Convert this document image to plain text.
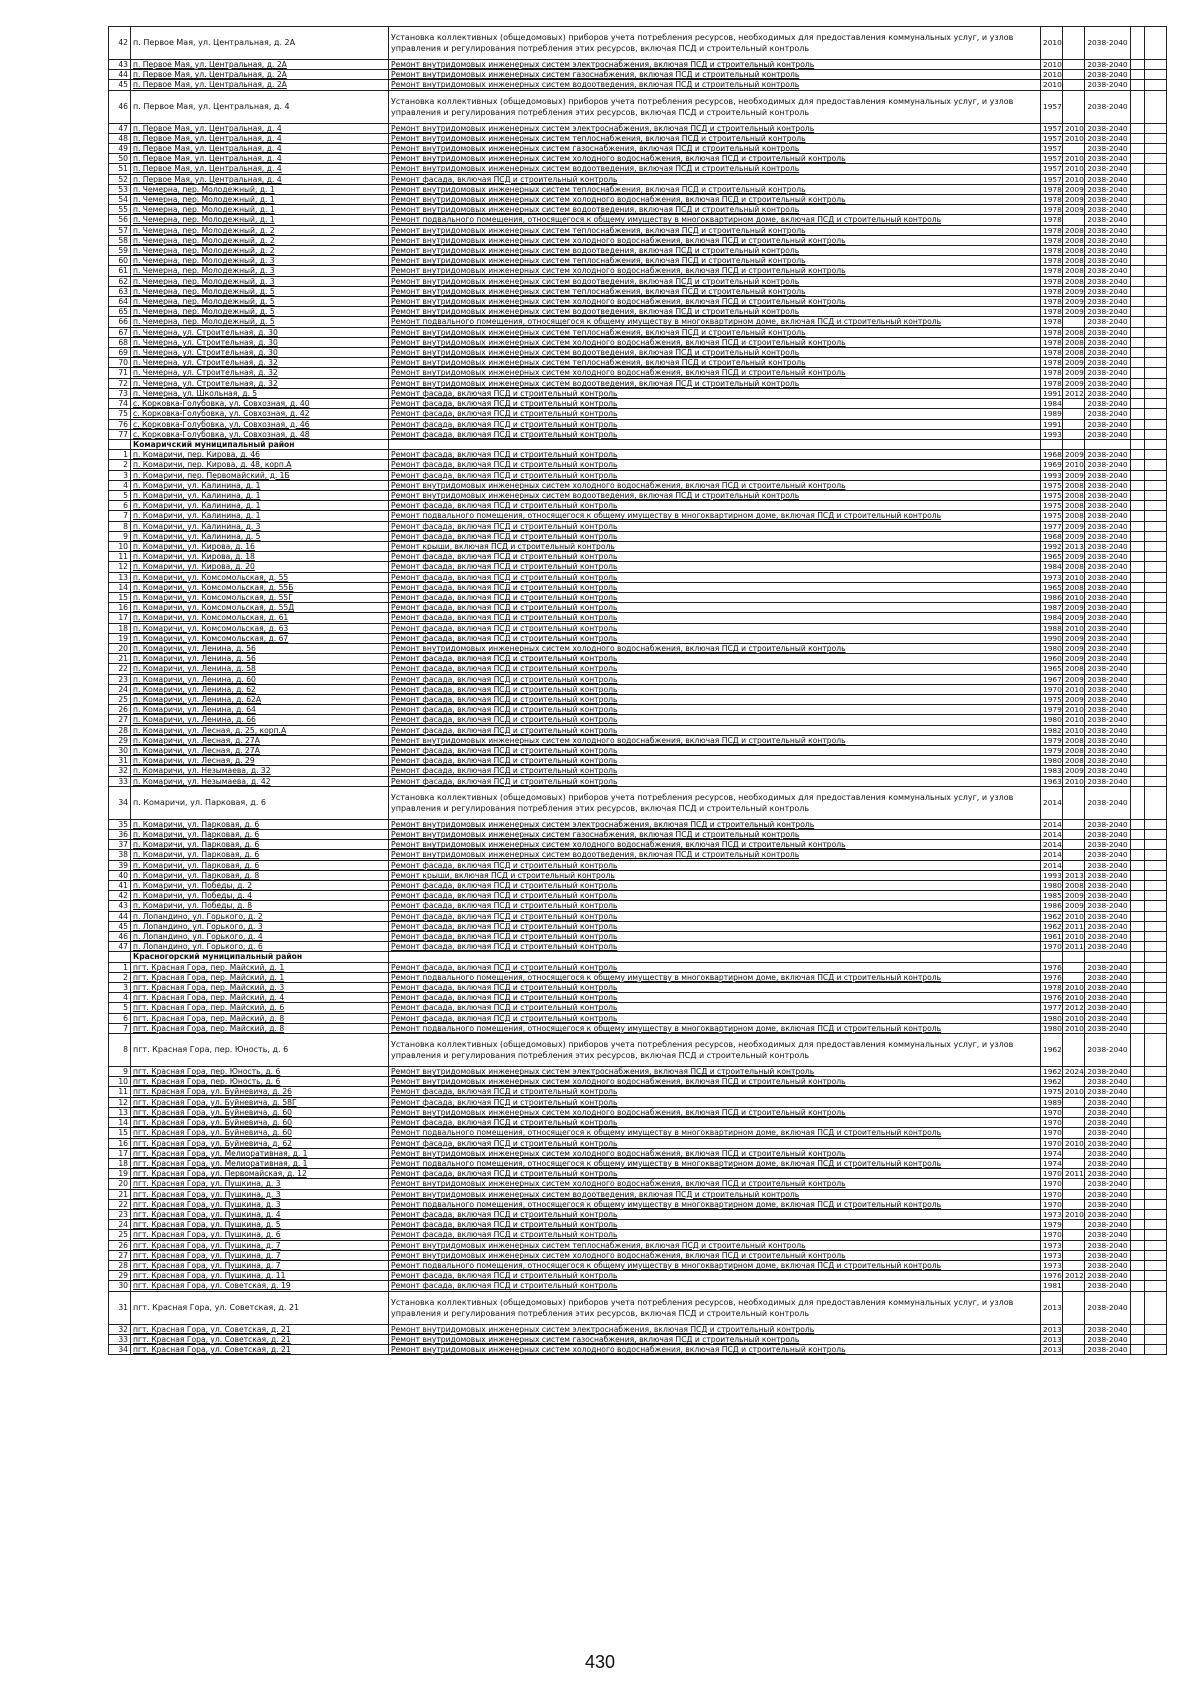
42	п. Первое Мая, ул. Центральная, д. 2А	Установка коллективных (общедомовых) приборов учета потребления ресурсов, необходимых для предоставления коммунальных услуг, и узлов управления и регулирования потребления этих ресурсов, включая ПСД и строительный контроль	2010		2038-2040		
43	п. Первое Мая, ул. Центральная, д. 2А	Ремонт внутридомовых инженерных систем электроснабжения, включая ПСД и строительный контроль	2010		2038-2040		
44	п. Первое Мая, ул. Центральная, д. 2А	Ремонт внутридомовых инженерных систем газоснабжения, включая ПСД и строительный контроль	2010		2038-2040		
45	п. Первое Мая, ул. Центральная, д. 2А	Ремонт внутридомовых инженерных систем водоотведения, включая ПСД и строительный контроль	2010		2038-2040		
46	п. Первое Мая, ул. Центральная, д. 4	Установка коллективных (общедомовых) приборов учета потребления ресурсов, необходимых для предоставления коммунальных услуг, и узлов управления и регулирования потребления этих ресурсов, включая ПСД и строительный контроль	1957		2038-2040		
47	п. Первое Мая, ул. Центральная, д. 4	Ремонт внутридомовых инженерных систем электроснабжения, включая ПСД и строительный контроль	1957	2010	2038-2040		
48	п. Первое Мая, ул. Центральная, д. 4	Ремонт внутридомовых инженерных систем теплоснабжения, включая ПСД и строительный контроль	1957	2010	2038-2040		
49	п. Первое Мая, ул. Центральная, д. 4	Ремонт внутридомовых инженерных систем газоснабжения, включая ПСД и строительный контроль	1957		2038-2040		
50	п. Первое Мая, ул. Центральная, д. 4	Ремонт внутридомовых инженерных систем холодного водоснабжения, включая ПСД и строительный контроль	1957	2010	2038-2040		
51	п. Первое Мая, ул. Центральная, д. 4	Ремонт внутридомовых инженерных систем водоотведения, включая ПСД и строительный контроль	1957	2010	2038-2040		
52	п. Первое Мая, ул. Центральная, д. 4	Ремонт фасада, включая ПСД и строительный контроль	1957	2010	2038-2040		
53	п. Чемерна, пер. Молодежный, д. 1	Ремонт внутридомовых инженерных систем теплоснабжения, включая ПСД и строительный контроль	1978	2009	2038-2040		
54	п. Чемерна, пер. Молодежный, д. 1	Ремонт внутридомовых инженерных систем холодного водоснабжения, включая ПСД и строительный контроль	1978	2009	2038-2040		
55	п. Чемерна, пер. Молодежный, д. 1	Ремонт внутридомовых инженерных систем водоотведения, включая ПСД и строительный контроль	1978	2009	2038-2040		
56	п. Чемерна, пер. Молодежный, д. 1	Ремонт подвального помещения, относящегося к общему имуществу в многоквартирном доме, включая ПСД и строительный контроль	1978		2038-2040		
57	п. Чемерна, пер. Молодежный, д. 2	Ремонт внутридомовых инженерных систем теплоснабжения, включая ПСД и строительный контроль	1978	2008	2038-2040		
58	п. Чемерна, пер. Молодежный, д. 2	Ремонт внутридомовых инженерных систем холодного водоснабжения, включая ПСД и строительный контроль	1978	2008	2038-2040		
59	п. Чемерна, пер. Молодежный, д. 2	Ремонт внутридомовых инженерных систем водоотведения, включая ПСД и строительный контроль	1978	2008	2038-2040		
60	п. Чемерна, пер. Молодежный, д. 3	Ремонт внутридомовых инженерных систем теплоснабжения, включая ПСД и строительный контроль	1978	2008	2038-2040		
61	п. Чемерна, пер. Молодежный, д. 3	Ремонт внутридомовых инженерных систем холодного водоснабжения, включая ПСД и строительный контроль	1978	2008	2038-2040		
62	п. Чемерна, пер. Молодежный, д. 3	Ремонт внутридомовых инженерных систем водоотведения, включая ПСД и строительный контроль	1978	2008	2038-2040		
63	п. Чемерна, пер. Молодежный, д. 5	Ремонт внутридомовых инженерных систем теплоснабжения, включая ПСД и строительный контроль	1978	2009	2038-2040		
64	п. Чемерна, пер. Молодежный, д. 5	Ремонт внутридомовых инженерных систем холодного водоснабжения, включая ПСД и строительный контроль	1978	2009	2038-2040		
65	п. Чемерна, пер. Молодежный, д. 5	Ремонт внутридомовых инженерных систем водоотведения, включая ПСД и строительный контроль	1978	2009	2038-2040		
66	п. Чемерна, пер. Молодежный, д. 5	Ремонт подвального помещения, относящегося к общему имуществу в многоквартирном доме, включая ПСД и строительный контроль	1978		2038-2040		
67	п. Чемерна, ул. Строительная, д. 30	Ремонт внутридомовых инженерных систем теплоснабжения, включая ПСД и строительный контроль	1978	2008	2038-2040		
68	п. Чемерна, ул. Строительная, д. 30	Ремонт внутридомовых инженерных систем холодного водоснабжения, включая ПСД и строительный контроль	1978	2008	2038-2040		
69	п. Чемерна, ул. Строительная, д. 30	Ремонт внутридомовых инженерных систем водоотведения, включая ПСД и строительный контроль	1978	2008	2038-2040		
70	п. Чемерна, ул. Строительная, д. 32	Ремонт внутридомовых инженерных систем теплоснабжения, включая ПСД и строительный контроль	1978	2009	2038-2040		
71	п. Чемерна, ул. Строительная, д. 32	Ремонт внутридомовых инженерных систем холодного водоснабжения, включая ПСД и строительный контроль	1978	2009	2038-2040		
72	п. Чемерна, ул. Строительная, д. 32	Ремонт внутридомовых инженерных систем водоотведения, включая ПСД и строительный контроль	1978	2009	2038-2040		
73	п. Чемерна, ул. Школьная, д. 5	Ремонт фасада, включая ПСД и строительный контроль	1991	2012	2038-2040		
74	с. Корковка-Голубовка, ул. Совхозная, д. 40	Ремонт фасада, включая ПСД и строительный контроль	1984		2038-2040		
75	с. Корковка-Голубовка, ул. Совхозная, д. 42	Ремонт фасада, включая ПСД и строительный контроль	1989		2038-2040		
76	с. Корковка-Голубовка, ул. Совхозная, д. 46	Ремонт фасада, включая ПСД и строительный контроль	1991		2038-2040		
77	с. Корковка-Голубовка, ул. Совхозная, д. 48	Ремонт фасада, включая ПСД и строительный контроль	1993		2038-2040		
	Комаричский муниципальный район						
1	п. Комаричи, пер. Кирова, д. 46	Ремонт фасада, включая ПСД и строительный контроль	1968	2009	2038-2040		
2	п. Комаричи, пер. Кирова, д. 48, корп.А	Ремонт фасада, включая ПСД и строительный контроль	1969	2010	2038-2040		
3	п. Комаричи, пер. Первомайский, д. 1Б	Ремонт фасада, включая ПСД и строительный контроль	1993	2009	2038-2040		
4	п. Комаричи, ул. Калинина, д. 1	Ремонт внутридомовых инженерных систем холодного водоснабжения, включая ПСД и строительный контроль	1975	2008	2038-2040		
5	п. Комаричи, ул. Калинина, д. 1	Ремонт внутридомовых инженерных систем водоотведения, включая ПСД и строительный контроль	1975	2008	2038-2040		
6	п. Комаричи, ул. Калинина, д. 1	Ремонт фасада, включая ПСД и строительный контроль	1975	2008	2038-2040		
7	п. Комаричи, ул. Калинина, д. 1	Ремонт подвального помещения, относящегося к общему имуществу в многоквартирном доме, включая ПСД и строительный контроль	1975	2008	2038-2040		
8	п. Комаричи, ул. Калинина, д. 3	Ремонт фасада, включая ПСД и строительный контроль	1977	2009	2038-2040		
9	п. Комаричи, ул. Калинина, д. 5	Ремонт фасада, включая ПСД и строительный контроль	1968	2009	2038-2040		
10	п. Комаричи, ул. Кирова, д. 16	Ремонт крыши, включая ПСД и строительный контроль	1992	2013	2038-2040		
11	п. Комаричи, ул. Кирова, д. 18	Ремонт фасада, включая ПСД и строительный контроль	1965	2009	2038-2040		
12	п. Комаричи, ул. Кирова, д. 20	Ремонт фасада, включая ПСД и строительный контроль	1984	2008	2038-2040		
13	п. Комаричи, ул. Комсомольская, д. 55	Ремонт фасада, включая ПСД и строительный контроль	1973	2010	2038-2040		
14	п. Комаричи, ул. Комсомольская, д. 55Б	Ремонт фасада, включая ПСД и строительный контроль	1965	2008	2038-2040		
15	п. Комаричи, ул. Комсомольская, д. 55Г	Ремонт фасада, включая ПСД и строительный контроль	1986	2010	2038-2040		
16	п. Комаричи, ул. Комсомольская, д. 55Д	Ремонт фасада, включая ПСД и строительный контроль	1987	2009	2038-2040		
17	п. Комаричи, ул. Комсомольская, д. 61	Ремонт фасада, включая ПСД и строительный контроль	1984	2009	2038-2040		
18	п. Комаричи, ул. Комсомольская, д. 63	Ремонт фасада, включая ПСД и строительный контроль	1988	2010	2038-2040		
19	п. Комаричи, ул. Комсомольская, д. 67	Ремонт фасада, включая ПСД и строительный контроль	1990	2009	2038-2040		
20	п. Комаричи, ул. Ленина, д. 56	Ремонт внутридомовых инженерных систем холодного водоснабжения, включая ПСД и строительный контроль	1980	2009	2038-2040		
21	п. Комаричи, ул. Ленина, д. 56	Ремонт фасада, включая ПСД и строительный контроль	1960	2009	2038-2040		
22	п. Комаричи, ул. Ленина, д. 58	Ремонт фасада, включая ПСД и строительный контроль	1965	2008	2038-2040		
23	п. Комаричи, ул. Ленина, д. 60	Ремонт фасада, включая ПСД и строительный контроль	1967	2009	2038-2040		
24	п. Комаричи, ул. Ленина, д. 62	Ремонт фасада, включая ПСД и строительный контроль	1970	2010	2038-2040		
25	п. Комаричи, ул. Ленина, д. 62А	Ремонт фасада, включая ПСД и строительный контроль	1975	2009	2038-2040		
26	п. Комаричи, ул. Ленина, д. 64	Ремонт фасада, включая ПСД и строительный контроль	1979	2010	2038-2040		
27	п. Комаричи, ул. Ленина, д. 66	Ремонт фасада, включая ПСД и строительный контроль	1980	2010	2038-2040		
28	п. Комаричи, ул. Лесная, д. 25, корп.А	Ремонт фасада, включая ПСД и строительный контроль	1982	2010	2038-2040		
29	п. Комаричи, ул. Лесная, д. 27А	Ремонт внутридомовых инженерных систем холодного водоснабжения, включая ПСД и строительный контроль	1979	2008	2038-2040		
30	п. Комаричи, ул. Лесная, д. 27А	Ремонт фасада, включая ПСД и строительный контроль	1979	2008	2038-2040		
31	п. Комаричи, ул. Лесная, д. 29	Ремонт фасада, включая ПСД и строительный контроль	1980	2008	2038-2040		
32	п. Комаричи, ул. Незымаева, д. 32	Ремонт фасада, включая ПСД и строительный контроль	1983	2009	2038-2040		
33	п. Комаричи, ул. Незымаева, д. 42	Ремонт фасада, включая ПСД и строительный контроль	1963	2010	2038-2040		
34	п. Комаричи, ул. Парковая, д. 6	Установка коллективных (общедомовых) приборов учета потребления ресурсов, необходимых для предоставления коммунальных услуг, и узлов управления и регулирования потребления этих ресурсов, включая ПСД и строительный контроль	2014		2038-2040		
35	п. Комаричи, ул. Парковая, д. 6	Ремонт внутридомовых инженерных систем электроснабжения, включая ПСД и строительный контроль	2014		2038-2040		
36	п. Комаричи, ул. Парковая, д. 6	Ремонт внутридомовых инженерных систем газоснабжения, включая ПСД и строительный контроль	2014		2038-2040		
37	п. Комаричи, ул. Парковая, д. 6	Ремонт внутридомовых инженерных систем холодного водоснабжения, включая ПСД и строительный контроль	2014		2038-2040		
38	п. Комаричи, ул. Парковая, д. 6	Ремонт внутридомовых инженерных систем водоотведения, включая ПСД и строительный контроль	2014		2038-2040		
39	п. Комаричи, ул. Парковая, д. 6	Ремонт фасада, включая ПСД и строительный контроль	2014		2038-2040		
40	п. Комаричи, ул. Парковая, д. 8	Ремонт крыши, включая ПСД и строительный контроль	1993	2013	2038-2040		
41	п. Комаричи, ул. Победы, д. 2	Ремонт фасада, включая ПСД и строительный контроль	1980	2008	2038-2040		
42	п. Комаричи, ул. Победы, д. 4	Ремонт фасада, включая ПСД и строительный контроль	1985	2009	2038-2040		
43	п. Комаричи, ул. Победы, д. 8	Ремонт фасада, включая ПСД и строительный контроль	1986	2009	2038-2040		
44	п. Лопандино, ул. Горького, д. 2	Ремонт фасада, включая ПСД и строительный контроль	1962	2010	2038-2040		
45	п. Лопандино, ул. Горького, д. 3	Ремонт фасада, включая ПСД и строительный контроль	1962	2011	2038-2040		
46	п. Лопандино, ул. Горького, д. 4	Ремонт фасада, включая ПСД и строительный контроль	1961	2010	2038-2040		
47	п. Лопандино, ул. Горького, д. 6	Ремонт фасада, включая ПСД и строительный контроль	1970	2011	2038-2040		
	Красногорский муниципальный район						
1	пгт. Красная Гора, пер. Майский, д. 1	Ремонт фасада, включая ПСД и строительный контроль	1976		2038-2040		
2	пгт. Красная Гора, пер. Майский, д. 1	Ремонт подвального помещения, относящегося к общему имуществу в многоквартирном доме, включая ПСД и строительный контроль	1976		2038-2040		
3	пгт. Красная Гора, пер. Майский, д. 3	Ремонт фасада, включая ПСД и строительный контроль	1978	2010	2038-2040		
4	пгт. Красная Гора, пер. Майский, д. 4	Ремонт фасада, включая ПСД и строительный контроль	1976	2010	2038-2040		
5	пгт. Красная Гора, пер. Майский, д. 6	Ремонт фасада, включая ПСД и строительный контроль	1977	2012	2038-2040		
6	пгт. Красная Гора, пер. Майский, д. 8	Ремонт фасада, включая ПСД и строительный контроль	1980	2010	2038-2040		
7	пгт. Красная Гора, пер. Майский, д. 8	Ремонт подвального помещения, относящегося к общему имуществу в многоквартирном доме, включая ПСД и строительный контроль	1980	2010	2038-2040		
8	пгт. Красная Гора, пер. Юность, д. 6	Установка коллективных (общедомовых) приборов учета потребления ресурсов, необходимых для предоставления коммунальных услуг, и узлов управления и регулирования потребления этих ресурсов, включая ПСД и строительный контроль	1962		2038-2040		
9	пгт. Красная Гора, пер. Юность, д. 6	Ремонт внутридомовых инженерных систем электроснабжения, включая ПСД и строительный контроль	1962	2024	2038-2040		
10	пгт. Красная Гора, пер. Юность, д. 6	Ремонт внутридомовых инженерных систем холодного водоснабжения, включая ПСД и строительный контроль	1962		2038-2040		
11	пгт. Красная Гора, ул. Буйневича, д. 26	Ремонт фасада, включая ПСД и строительный контроль	1975	2010	2038-2040		
12	пгт. Красная Гора, ул. Буйневича, д. 58Г	Ремонт фасада, включая ПСД и строительный контроль	1989		2038-2040		
13	пгт. Красная Гора, ул. Буйневича, д. 60	Ремонт внутридомовых инженерных систем холодного водоснабжения, включая ПСД и строительный контроль	1970		2038-2040		
14	пгт. Красная Гора, ул. Буйневича, д. 60	Ремонт фасада, включая ПСД и строительный контроль	1970		2038-2040		
15	пгт. Красная Гора, ул. Буйневича, д. 60	Ремонт подвального помещения, относящегося к общему имуществу в многоквартирном доме, включая ПСД и строительный контроль	1970		2038-2040		
16	пгт. Красная Гора, ул. Буйневича, д. 62	Ремонт фасада, включая ПСД и строительный контроль	1970	2010	2038-2040		
17	пгт. Красная Гора, ул. Мелиоративная, д. 1	Ремонт внутридомовых инженерных систем холодного водоснабжения, включая ПСД и строительный контроль	1974		2038-2040		
18	пгт. Красная Гора, ул. Мелиоративная, д. 1	Ремонт подвального помещения, относящегося к общему имуществу в многоквартирном доме, включая ПСД и строительный контроль	1974		2038-2040		
19	пгт. Красная Гора, ул. Первомайская, д. 12	Ремонт фасада, включая ПСД и строительный контроль	1970	2011	2038-2040		
20	пгт. Красная Гора, ул. Пушкина, д. 3	Ремонт внутридомовых инженерных систем холодного водоснабжения, включая ПСД и строительный контроль	1970		2038-2040		
21	пгт. Красная Гора, ул. Пушкина, д. 3	Ремонт внутридомовых инженерных систем водоотведения, включая ПСД и строительный контроль	1970		2038-2040		
22	пгт. Красная Гора, ул. Пушкина, д. 3	Ремонт подвального помещения, относящегося к общему имуществу в многоквартирном доме, включая ПСД и строительный контроль	1970		2038-2040		
23	пгт. Красная Гора, ул. Пушкина, д. 4	Ремонт фасада, включая ПСД и строительный контроль	1973	2010	2038-2040		
24	пгт. Красная Гора, ул. Пушкина, д. 5	Ремонт фасада, включая ПСД и строительный контроль	1979		2038-2040		
25	пгт. Красная Гора, ул. Пушкина, д. 6	Ремонт фасада, включая ПСД и строительный контроль	1970		2038-2040		
26	пгт. Красная Гора, ул. Пушкина, д. 7	Ремонт внутридомовых инженерных систем теплоснабжения, включая ПСД и строительный контроль	1973		2038-2040		
27	пгт. Красная Гора, ул. Пушкина, д. 7	Ремонт внутридомовых инженерных систем холодного водоснабжения, включая ПСД и строительный контроль	1973		2038-2040		
28	пгт. Красная Гора, ул. Пушкина, д. 7	Ремонт подвального помещения, относящегося к общему имуществу в многоквартирном доме, включая ПСД и строительный контроль	1973		2038-2040		
29	пгт. Красная Гора, ул. Пушкина, д. 11	Ремонт фасада, включая ПСД и строительный контроль	1976	2012	2038-2040		
30	пгт. Красная Гора, ул. Советская, д. 19	Ремонт фасада, включая ПСД и строительный контроль	1981		2038-2040		
31	пгт. Красная Гора, ул. Советская, д. 21	Установка коллективных (общедомовых) приборов учета потребления ресурсов, необходимых для предоставления коммунальных услуг, и узлов управления и регулирования потребления этих ресурсов, включая ПСД и строительный контроль	2013		2038-2040		
32	пгт. Красная Гора, ул. Советская, д. 21	Ремонт внутридомовых инженерных систем электроснабжения, включая ПСД и строительный контроль	2013		2038-2040		
33	пгт. Красная Гора, ул. Советская, д. 21	Ремонт внутридомовых инженерных систем газоснабжения, включая ПСД и строительный контроль	2013		2038-2040		
34	пгт. Красная Гора, ул. Советская, д. 21	Ремонт внутридомовых инженерных систем холодного водоснабжения, включая ПСД и строительный контроль	2013		2038-2040		
430
